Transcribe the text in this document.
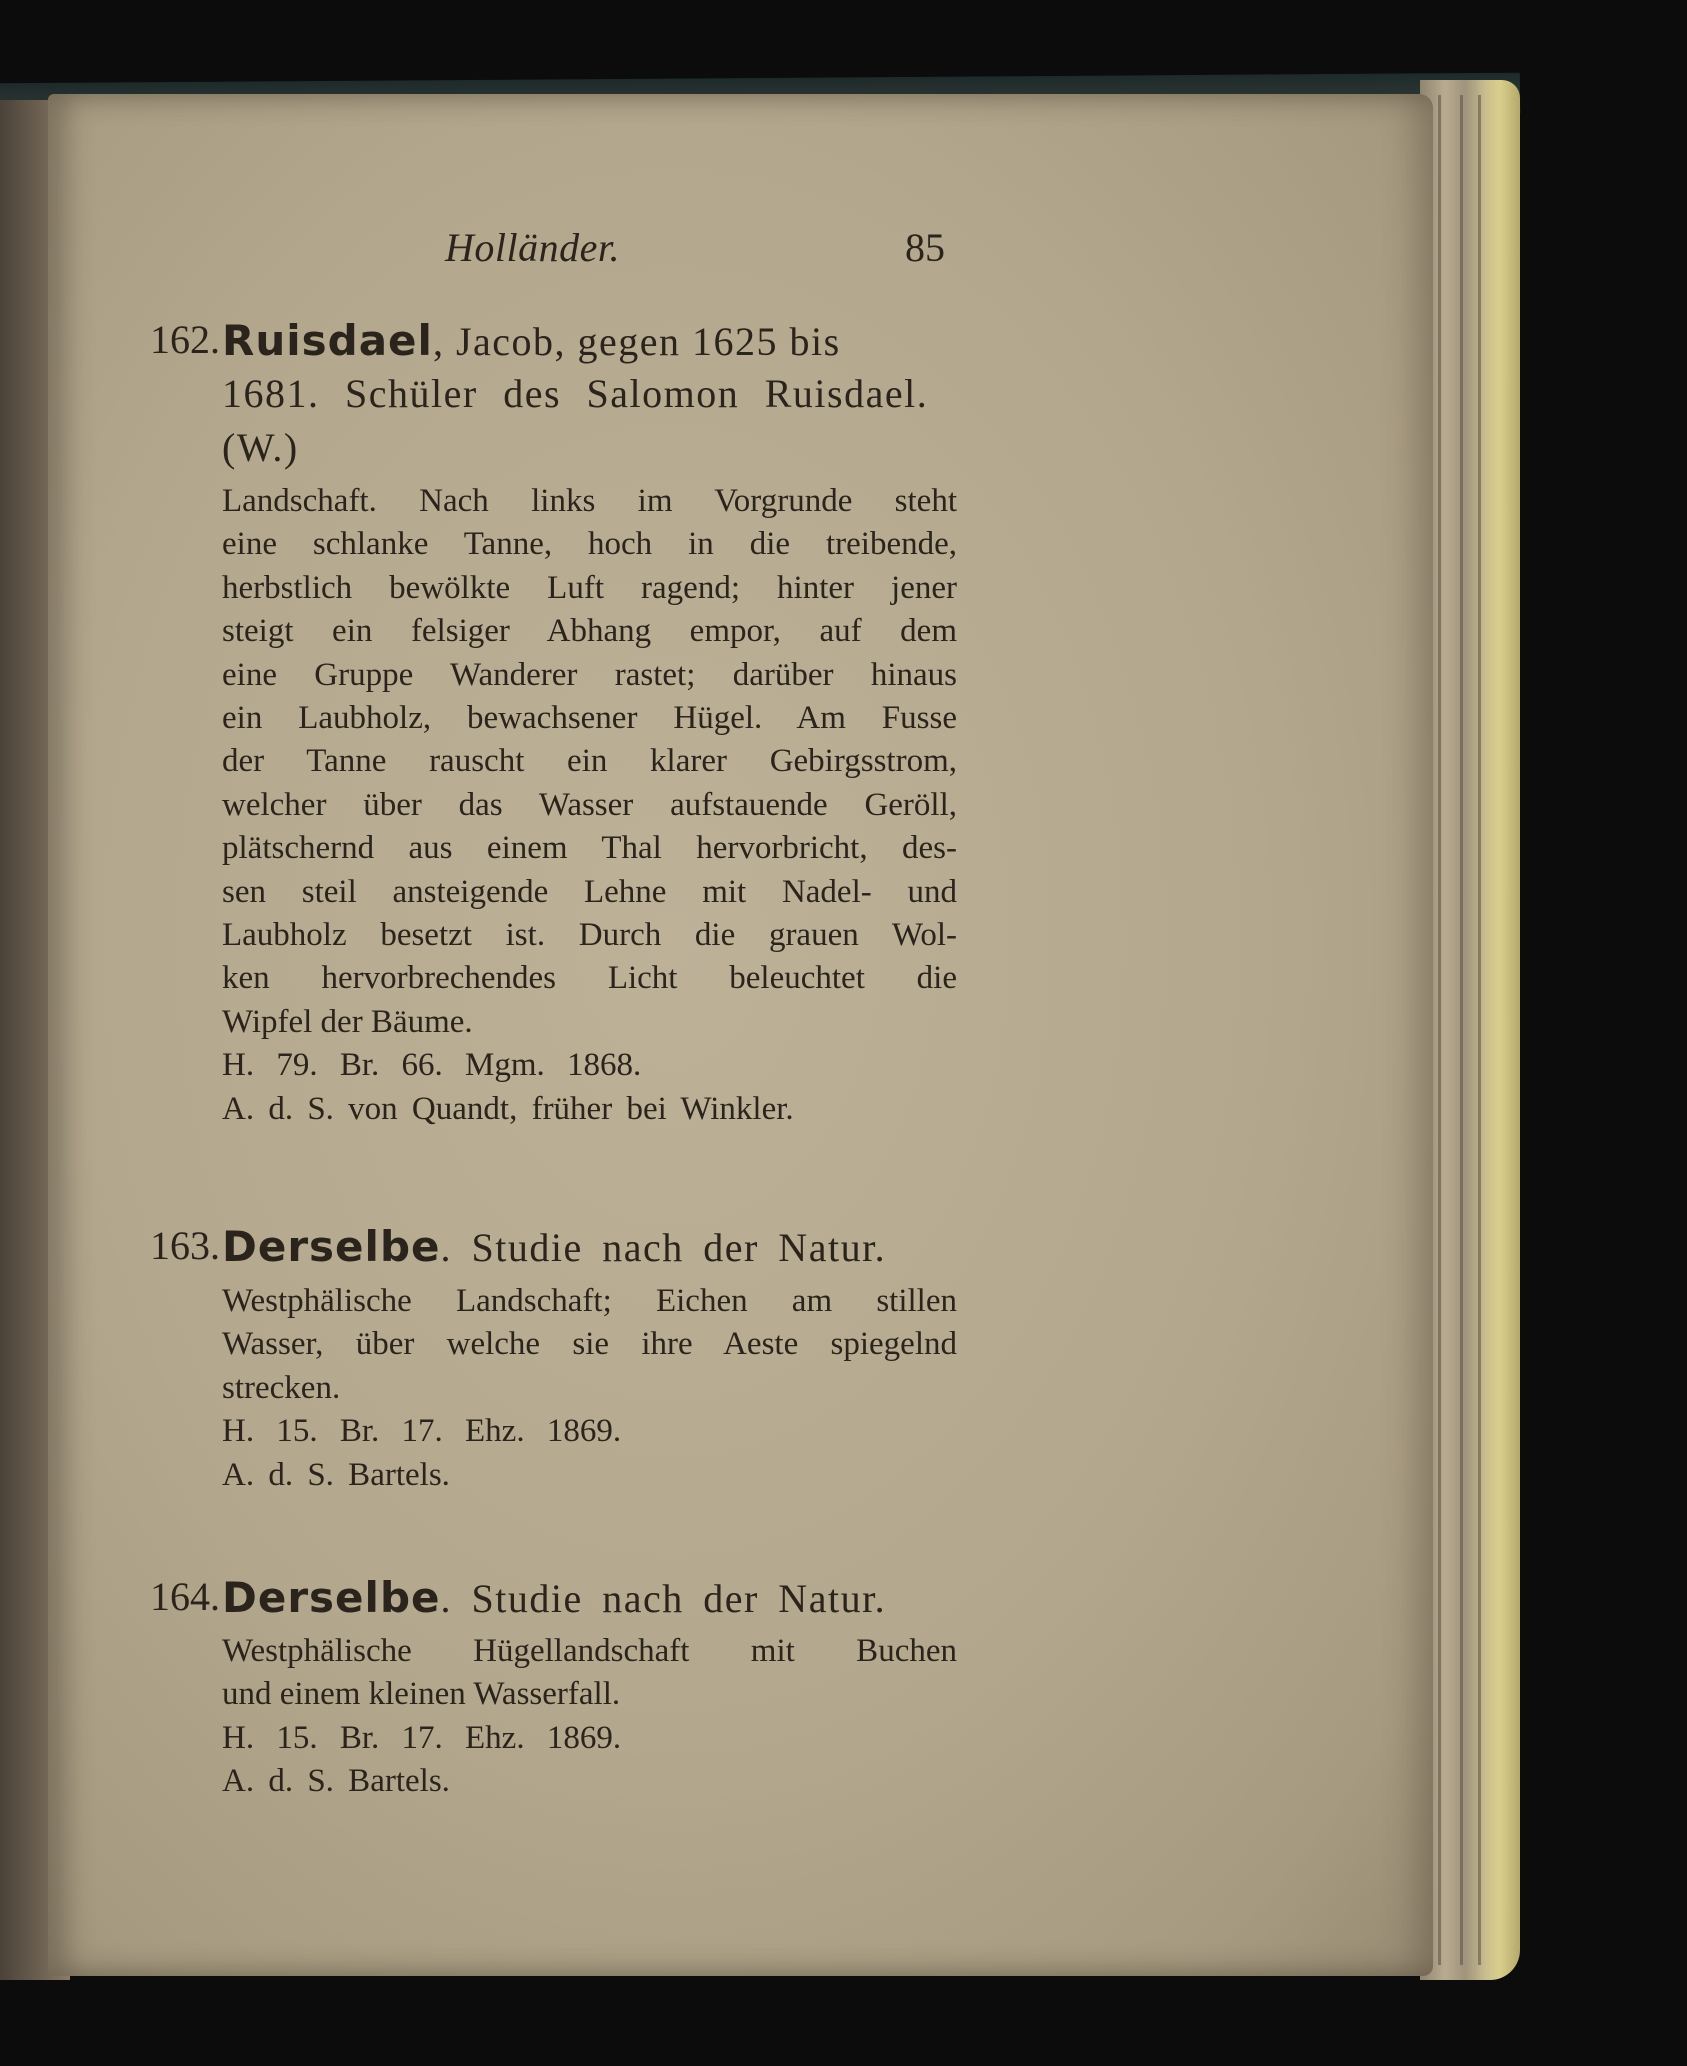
Holländer.	85
162. Ruisdael, Jacob, gegen 1625 bis
1681. Schüler des Salomon Ruisdael.
(W.)
Landschaft. Nach links im Vorgrunde steht
eine schlanke Tanne, hoch in die treibende,
herbstlich bewölkte Luft ragend; hinter jener
steigt ein felsiger Abhang empor, auf dem
eine Gruppe Wanderer rastet; darüber hinaus
ein Laubholz, bewachsener Hügel. Am Fusse
der Tanne rauscht ein klarer Gebirgsstrom,
welcher über das Wasser aufstauende Geröll,
plätschernd aus einem Thal hervorbricht, des-
sen steil ansteigende Lehne mit Nadel- und
Laubholz besetzt ist. Durch die grauen Wol-
ken hervorbrechendes Licht beleuchtet die
Wipfel der Bäume.
H. 79. Br. 66. Mgm. 1868.
A. d. S. von Quandt, früher bei Winkler.
163. Derselbe. Studie nach der Natur.
Westphälische Landschaft; Eichen am stillen
Wasser, über welche sie ihre Aeste spiegelnd
strecken.
H. 15. Br. 17. Ehz. 1869.
A. d. S. Bartels.
164. Derselbe. Studie nach der Natur.
Westphälische Hügellandschaft mit Buchen
und einem kleinen Wasserfall.
H. 15. Br. 17. Ehz. 1869.
A. d. S. Bartels.
